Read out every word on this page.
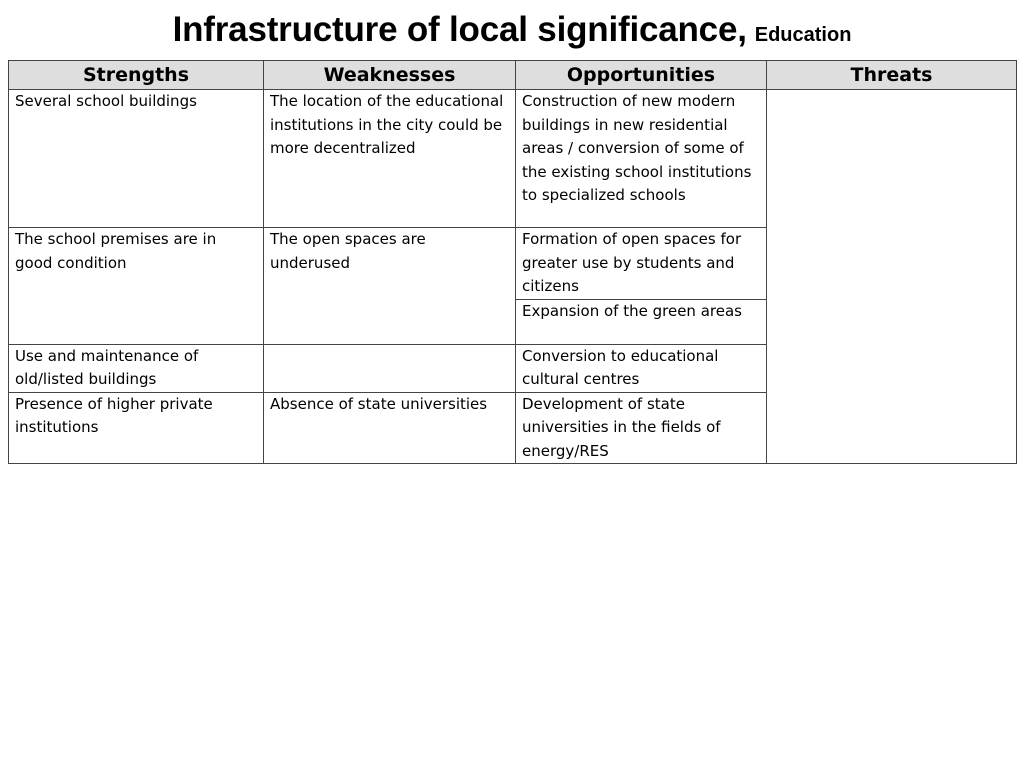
Infrastructure of local significance, Education
Strengths	Weaknesses	Opportunities	Threats
Several school buildings	The location of the educational institutions in the city could be more decentralized	Construction of new modern buildings in new residential areas / conversion of some of the existing school institutions to specialized schools	
The school premises are in good condition	The open spaces are underused	Formation of open spaces for greater use by students and citizens	
		Expansion of the green areas	
Use and maintenance of old/listed buildings		Conversion to educational cultural centres	
Presence of higher private institutions	Absence of state universities	Development of state universities in the fields of energy/RES	
